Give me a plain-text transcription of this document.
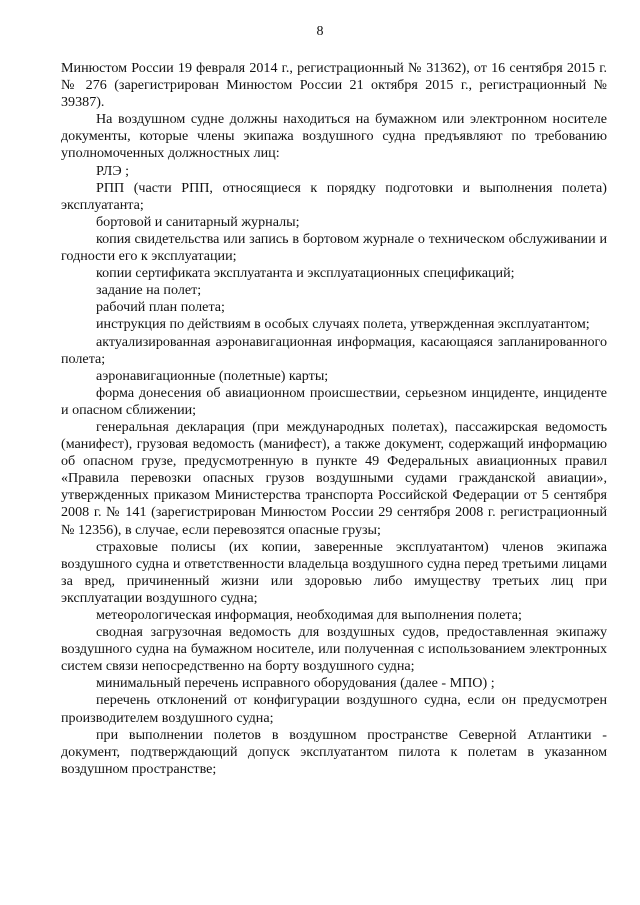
8

Минюстом России 19 февраля 2014 г., регистрационный № 31362), от 16 сентября 2015 г. № 276 (зарегистрирован Минюстом России 21 октября 2015 г., регистрационный № 39387).

На воздушном судне должны находиться на бумажном или электронном носителе документы, которые члены экипажа воздушного судна предъявляют по требованию уполномоченных должностных лиц:

РЛЭ ;

РПП (части РПП, относящиеся к порядку подготовки и выполнения полета) эксплуатанта;

бортовой и санитарный журналы;

копия свидетельства или запись в бортовом журнале о техническом обслуживании и годности его к эксплуатации;

копии сертификата эксплуатанта и эксплуатационных спецификаций;

задание на полет;

рабочий план полета;

инструкция по действиям в особых случаях полета, утвержденная эксплуатантом;

актуализированная аэронавигационная информация, касающаяся запланированного полета;

аэронавигационные (полетные) карты;

форма донесения об авиационном происшествии, серьезном инциденте, инциденте и опасном сближении;

генеральная декларация (при международных полетах), пассажирская ведомость (манифест), грузовая ведомость (манифест), а также документ, содержащий информацию об опасном грузе, предусмотренную в пункте 49 Федеральных авиационных правил «Правила перевозки опасных грузов воздушными судами гражданской авиации», утвержденных приказом Министерства транспорта Российской Федерации от 5 сентября 2008 г. № 141 (зарегистрирован Минюстом России 29 сентября 2008 г. регистрационный № 12356), в случае, если перевозятся опасные грузы;

страховые полисы (их копии, заверенные эксплуатантом) членов экипажа воздушного судна и ответственности владельца воздушного судна перед третьими лицами за вред, причиненный жизни или здоровью либо имуществу третьих лиц при эксплуатации воздушного судна;

метеорологическая информация, необходимая для выполнения полета;

сводная загрузочная ведомость для воздушных судов, предоставленная экипажу воздушного судна на бумажном носителе, или полученная с использованием электронных систем связи непосредственно на борту воздушного судна;

минимальный перечень исправного оборудования (далее - МПО) ;

перечень отклонений от конфигурации воздушного судна, если он предусмотрен производителем воздушного судна;

при выполнении полетов в воздушном пространстве Северной Атлантики - документ, подтверждающий допуск эксплуатантом пилота к полетам в указанном воздушном пространстве;
